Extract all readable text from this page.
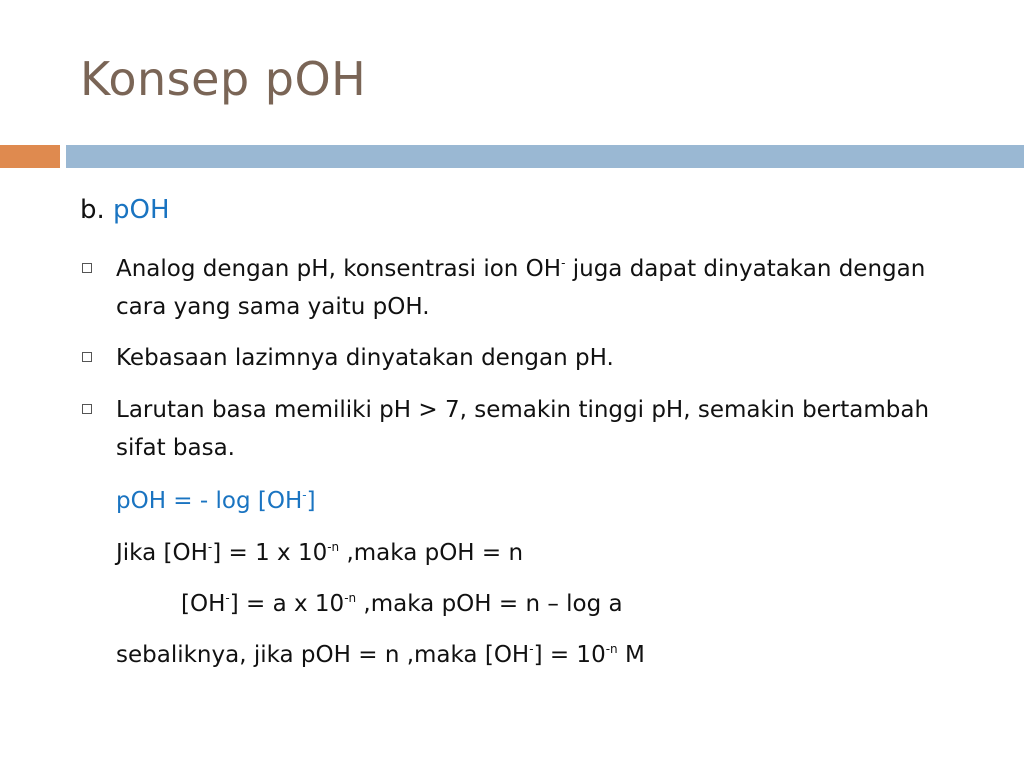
Konsep pOH
b. pOH
Analog dengan pH, konsentrasi ion OH- juga dapat dinyatakan dengan cara yang sama yaitu pOH.
Kebasaan lazimnya dinyatakan dengan pH.
Larutan basa memiliki pH > 7, semakin tinggi pH, semakin bertambah sifat basa.
pOH = - log [OH-]
Jika [OH-] = 1 x $10^{-n}$ ,maka pOH = n
[OH-] = a x $10^{-n}$ ,maka pOH = n – log a
sebaliknya, jika pOH = n ,maka $[OH^-] = 10^{-n}$ M
